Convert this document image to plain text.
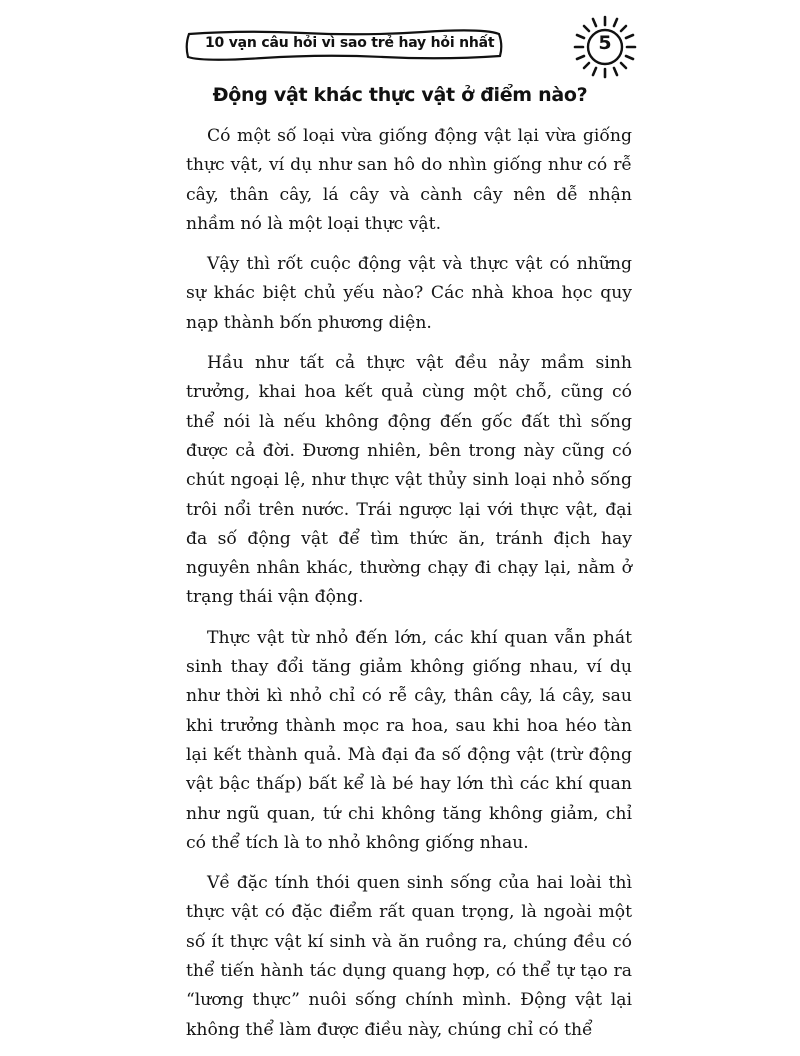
10 vạn câu hỏi vì sao trẻ hay hỏi nhất	5
Động vật khác thực vật ở điểm nào?

Có một số loại vừa giống động vật lại vừa giống thực vật, ví dụ như san hô do nhìn giống như có rễ cây, thân cây, lá cây và cành cây nên dễ nhận nhầm nó là một loại thực vật.

Vậy thì rốt cuộc động vật và thực vật có những sự khác biệt chủ yếu nào? Các nhà khoa học quy nạp thành bốn phương diện.

Hầu như tất cả thực vật đều nảy mầm sinh trưởng, khai hoa kết quả cùng một chỗ, cũng có thể nói là nếu không động đến gốc đất thì sống được cả đời. Đương nhiên, bên trong này cũng có chút ngoại lệ, như thực vật thủy sinh loại nhỏ sống trôi nổi trên nước. Trái ngược lại với thực vật, đại đa số động vật để tìm thức ăn, tránh địch hay nguyên nhân khác, thường chạy đi chạy lại, nằm ở trạng thái vận động.

Thực vật từ nhỏ đến lớn, các khí quan vẫn phát sinh thay đổi tăng giảm không giống nhau, ví dụ như thời kì nhỏ chỉ có rễ cây, thân cây, lá cây, sau khi trưởng thành mọc ra hoa, sau khi hoa héo tàn lại kết thành quả. Mà đại đa số động vật (trừ động vật bậc thấp) bất kể là bé hay lớn thì các khí quan như ngũ quan, tứ chi không tăng không giảm, chỉ có thể tích là to nhỏ không giống nhau.

Về đặc tính thói quen sinh sống của hai loài thì thực vật có đặc điểm rất quan trọng, là ngoài một số ít thực vật kí sinh và ăn ruồng ra, chúng đều có thể tiến hành tác dụng quang hợp, có thể tự tạo ra “lương thực” nuôi sống chính mình. Động vật lại không thể làm được điều này, chúng chỉ có thể
